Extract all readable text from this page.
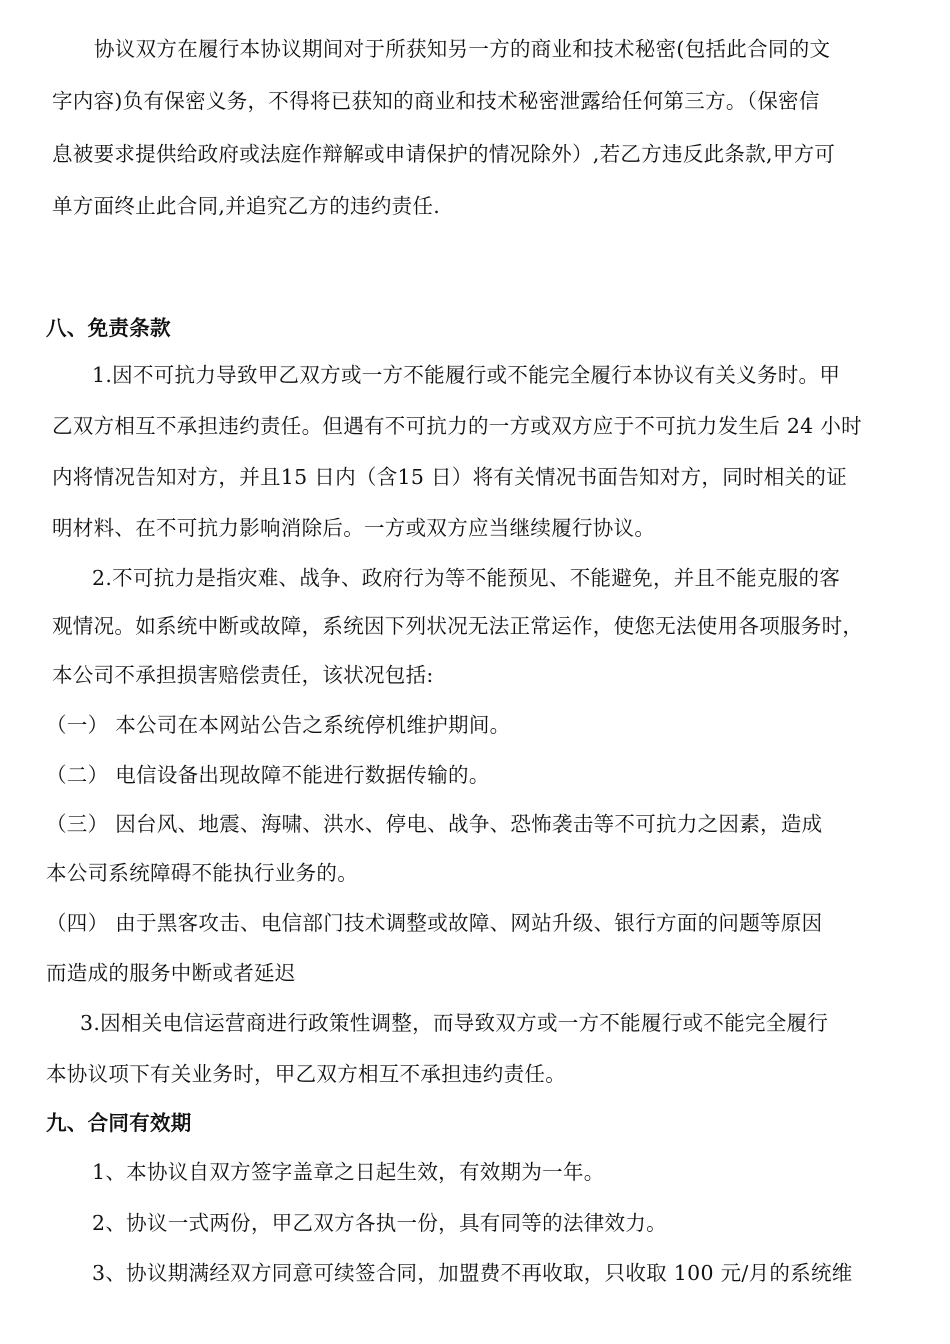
协议双方在履行本协议期间对于所获知另一方的商业和技术秘密(包括此合同的文
字内容)负有保密义务，不得将已获知的商业和技术秘密泄露给任何第三方。（保密信
息被要求提供给政府或法庭作辩解或申请保护的情况除外）,若乙方违反此条款,甲方可
单方面终止此合同,并追究乙方的违约责任.
八、免责条款
1.因不可抗力导致甲乙双方或一方不能履行或不能完全履行本协议有关义务时。甲
乙双方相互不承担违约责任。但遇有不可抗力的一方或双方应于不可抗力发生后 24 小时
内将情况告知对方，并且15 日内（含15 日）将有关情况书面告知对方，同时相关的证
明材料、在不可抗力影响消除后。一方或双方应当继续履行协议。
2.不可抗力是指灾难、战争、政府行为等不能预见、不能避免，并且不能克服的客
观情况。如系统中断或故障，系统因下列状况无法正常运作，使您无法使用各项服务时，
本公司不承担损害赔偿责任，该状况包括:
（一） 本公司在本网站公告之系统停机维护期间。
（二） 电信设备出现故障不能进行数据传输的。
（三） 因台风、地震、海啸、洪水、停电、战争、恐怖袭击等不可抗力之因素，造成
本公司系统障碍不能执行业务的。
（四） 由于黑客攻击、电信部门技术调整或故障、网站升级、银行方面的问题等原因
而造成的服务中断或者延迟
3.因相关电信运营商进行政策性调整，而导致双方或一方不能履行或不能完全履行
本协议项下有关业务时，甲乙双方相互不承担违约责任。
九、合同有效期
1、本协议自双方签字盖章之日起生效，有效期为一年。
2、协议一式两份，甲乙双方各执一份，具有同等的法律效力。
3、协议期满经双方同意可续签合同，加盟费不再收取，只收取 100 元/月的系统维
